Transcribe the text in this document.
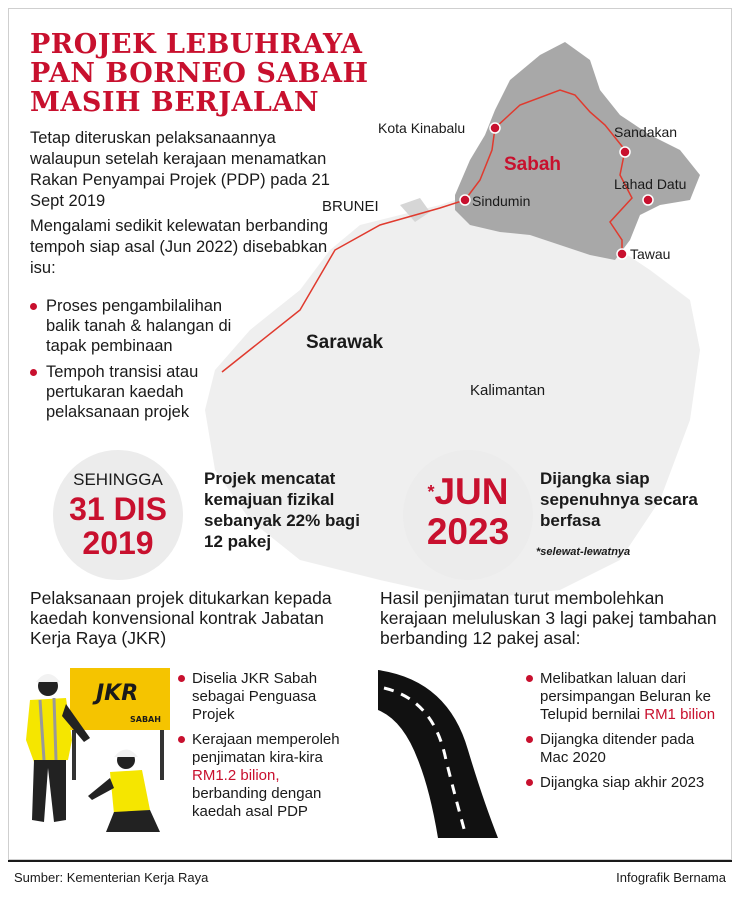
Kota Kinabalu	Sandakan
Lahad Datu
Sindumin
Tawau
BRUNEI
Sabah
Sarawak
Kalimantan
PROJEK LEBUHRAYA
PAN BORNEO SABAH
MASIH BERJALAN

Tetap diteruskan pelaksanaannya walaupun setelah kerajaan menamatkan Rakan Penyampai Projek (PDP) pada 21 Sept 2019

Mengalami sedikit kelewatan berbanding tempoh siap asal (Jun 2022) disebabkan isu:

Proses pengambilalihan balik tanah & halangan di tapak pembinaan
Tempoh transisi atau pertukaran kaedah pelaksanaan projek
SEHINGGA
31 DIS
2019
Projek mencatat kemajuan fizikal sebanyak 22% bagi 12 pakej
*JUN
2023
Dijangka siap sepenuhnya secara berfasa
*selewat-lewatnya
Pelaksanaan projek ditukarkan kepada kaedah konvensional kontrak Jabatan Kerja Raya (JKR)
Hasil penjimatan turut membolehkan kerajaan meluluskan 3 lagi pakej tambahan berbanding 12 pakej asal:
JKR
SABAH
Diselia JKR Sabah sebagai Penguasa Projek
Kerajaan memperoleh penjimatan kira-kira RM1.2 bilion, berbanding dengan kaedah asal PDP
Melibatkan laluan dari persimpangan Beluran ke Telupid bernilai RM1 bilion
Dijangka ditender pada Mac 2020
Dijangka siap akhir 2023
Sumber: Kementerian Kerja Raya	Infografik Bernama
